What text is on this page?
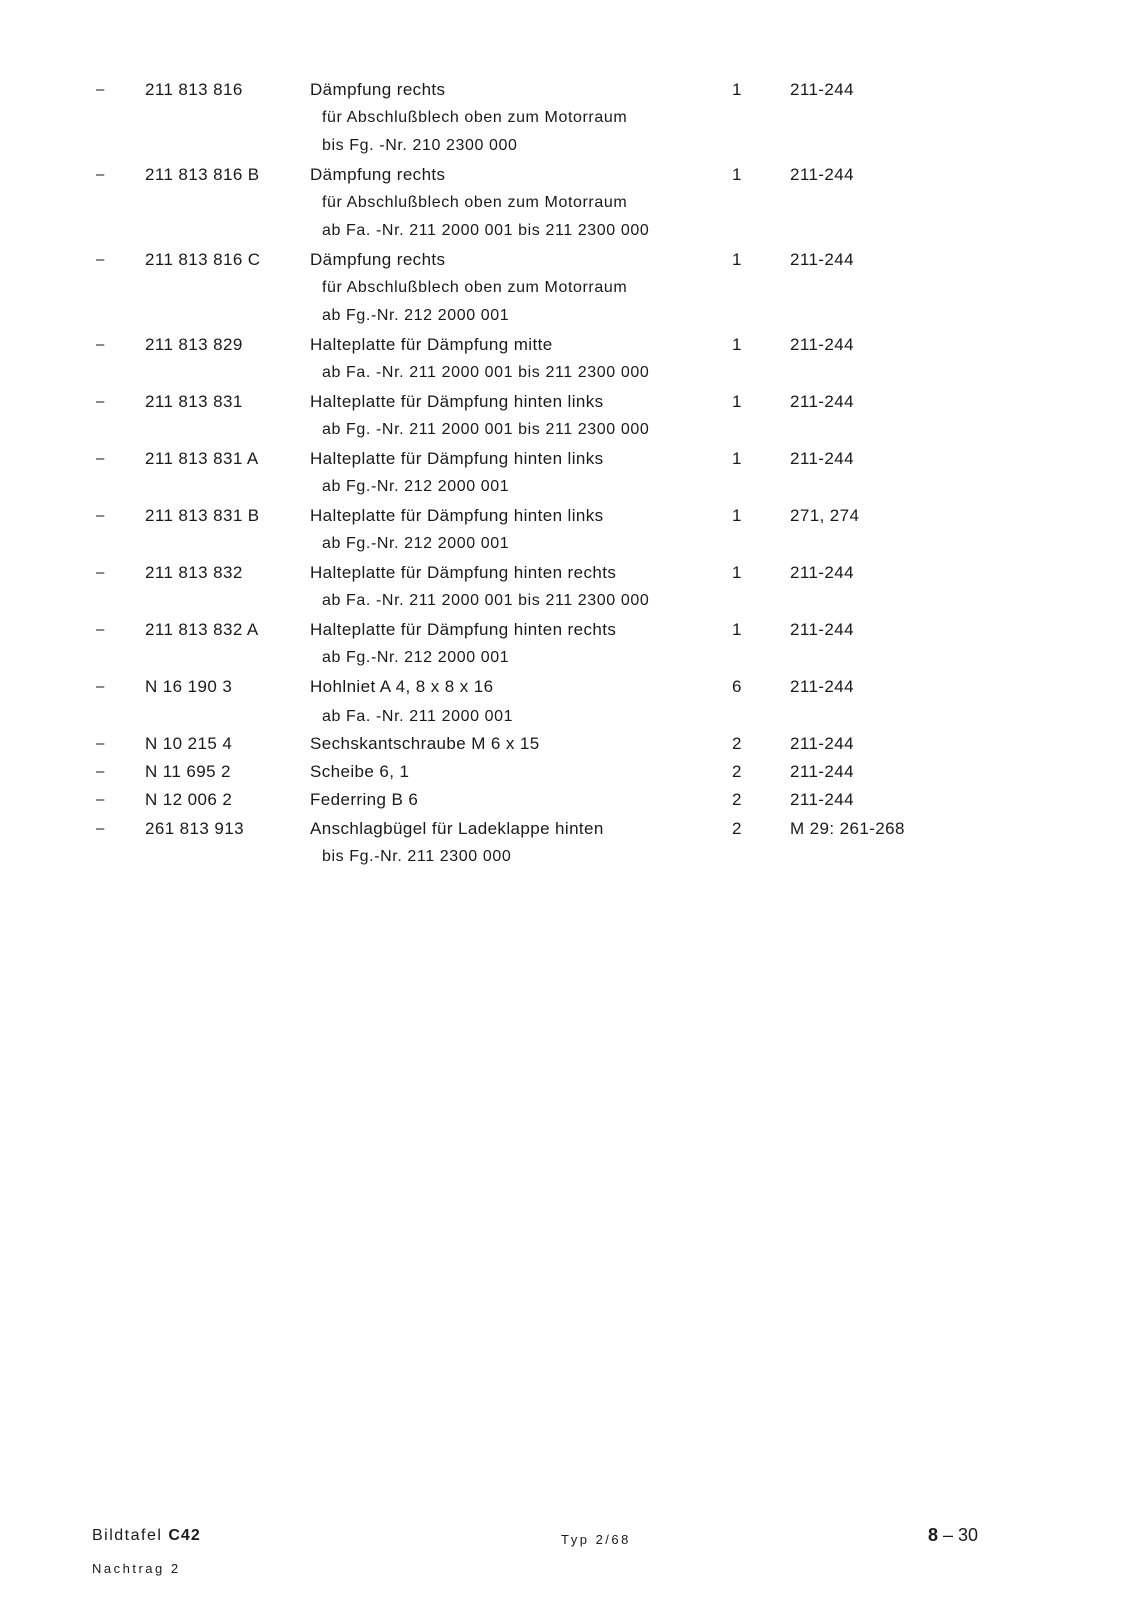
– 211 813 816	Dämpfung rechts	1	211-244
für Abschlußblech oben zum Motorraum
bis Fg. -Nr. 210 2300 000
– 211 813 816 B	Dämpfung rechts	1	211-244
für Abschlußblech oben zum Motorraum
ab Fa. -Nr. 211 2000 001 bis 211 2300 000
– 211 813 816 C	Dämpfung rechts	1	211-244
für Abschlußblech oben zum Motorraum
ab Fg.-Nr. 212 2000 001
– 211 813 829	Halteplatte für Dämpfung mitte	1	211-244
ab Fa. -Nr. 211 2000 001 bis 211 2300 000
– 211 813 831	Halteplatte für Dämpfung hinten links	1	211-244
ab Fg. -Nr. 211 2000 001 bis 211 2300 000
– 211 813 831 A	Halteplatte für Dämpfung hinten links	1	211-244
ab Fg.-Nr. 212 2000 001
– 211 813 831 B	Halteplatte für Dämpfung hinten links	1	271, 274
ab Fg.-Nr. 212 2000 001
– 211 813 832	Halteplatte für Dämpfung hinten rechts	1	211-244
ab Fa. -Nr. 211 2000 001 bis 211 2300 000
– 211 813 832 A	Halteplatte für Dämpfung hinten rechts	1	211-244
ab Fg.-Nr. 212 2000 001
– N 16 190 3	Hohlniet A 4, 8 x 8 x 16	6	211-244
ab Fa. -Nr. 211 2000 001
– N 10 215 4	Sechskantschraube M 6 x 15	2	211-244
– N 11 695 2	Scheibe 6, 1	2	211-244
– N 12 006 2	Federring B 6	2	211-244
– 261 813 913	Anschlagbügel für Ladeklappe hinten	2	M 29: 261-268
bis Fg.-Nr. 211 2300 000
Bildtafel C42
Nachtrag 2
Typ 2/68	8 – 30
